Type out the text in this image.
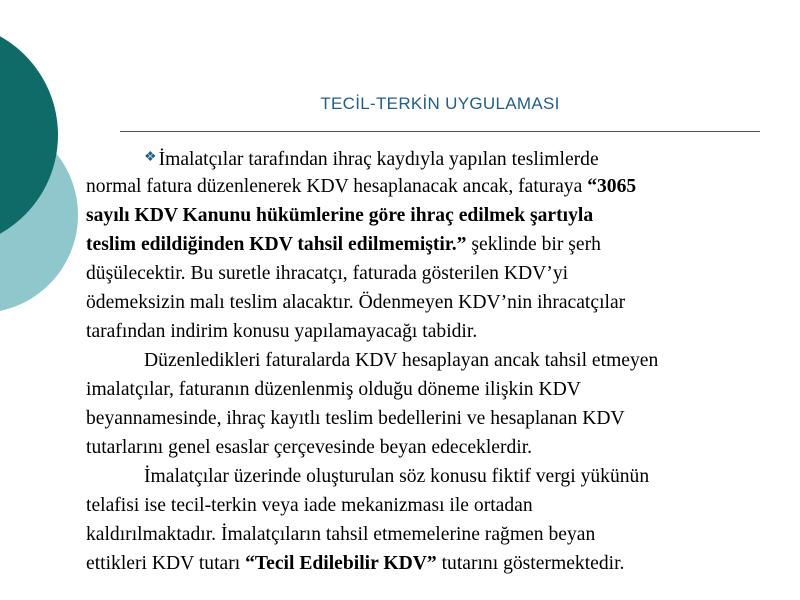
TECİL-TERKİN UYGULAMASI
❖ İmalatçılar tarafından ihraç kaydıyla yapılan teslimlerde
normal fatura düzenlenerek KDV hesaplanacak ancak, faturaya “3065
sayılı KDV Kanunu hükümlerine göre ihraç edilmek şartıyla
teslim edildiğinden KDV tahsil edilmemiştir.” şeklinde bir şerh
düşülecektir. Bu suretle ihracatçı, faturada gösterilen KDV’yi
ödemeksizin malı teslim alacaktır. Ödenmeyen KDV’nin ihracatçılar
tarafından indirim konusu yapılamayacağı tabidir.
Düzenledikleri faturalarda KDV hesaplayan ancak tahsil etmeyen
imalatçılar, faturanın düzenlenmiş olduğu döneme ilişkin KDV
beyannamesinde, ihraç kayıtlı teslim bedellerini ve hesaplanan KDV
tutarlarını genel esaslar çerçevesinde beyan edeceklerdir.
İmalatçılar üzerinde oluşturulan söz konusu fiktif vergi yükünün
telafisi ise tecil-terkin veya iade mekanizması ile ortadan
kaldırılmaktadır. İmalatçıların tahsil etmemelerine rağmen beyan
ettikleri KDV tutarı “Tecil Edilebilir KDV” tutarını göstermektedir.
